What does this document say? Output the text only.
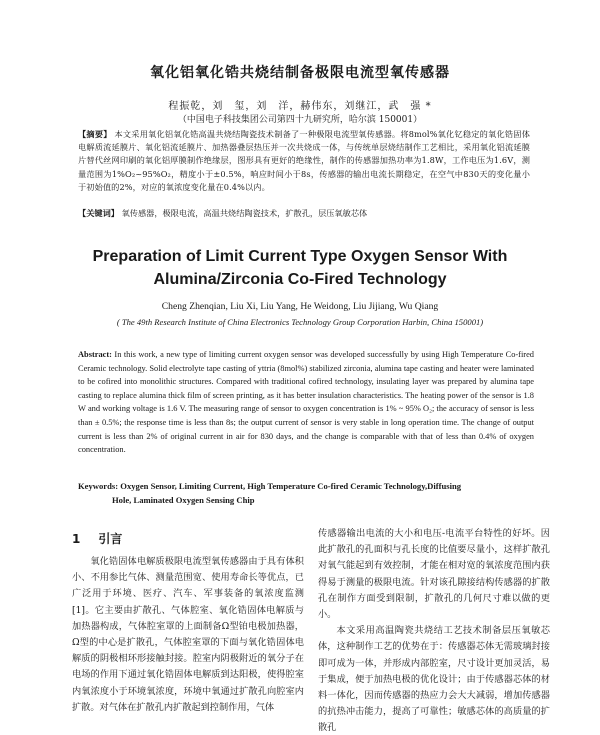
氧化铝氧化锆共烧结制备极限电流型氧传感器
程振乾，刘　玺，刘　洋，赫伟东，刘继江，武　强 *
（中国电子科技集团公司第四十九研究所，哈尔滨 150001）
【摘要】 本文采用氧化铝氧化锆高温共烧结陶瓷技术制备了一种极限电流型氧传感器。将8mol%氧化钇稳定的氧化锆固体电解质流延膜片、氧化铝流延膜片、加热器叠层热压并一次共烧成一体，与传统单层烧结制作工艺相比，采用氧化铝流延膜片替代丝网印刷的氧化铝厚膜制作绝缘层，图形具有更好的绝缘性，制作的传感器加热功率为1.8W，工作电压为1.6V，测量范围为1%O₂~95%O₂，精度小于±0.5%，响应时间小于8s，传感器的输出电流长期稳定，在空气中830天的变化量小于初始值的2%，对应的氧浓度变化量在0.4%以内。
【关键词】 氧传感器，极限电流，高温共烧结陶瓷技术，扩散孔，层压氧敏芯体
Preparation of Limit Current Type Oxygen Sensor With
Alumina/Zirconia Co-Fired Technology
Cheng Zhenqian, Liu Xi, Liu Yang, He Weidong, Liu Jijiang, Wu Qiang
( The 49th Research Institute of China Electronics Technology Group Corporation Harbin, China 150001)
Abstract: In this work, a new type of limiting current oxygen sensor was developed successfully by using High Temperature Co-fired Ceramic technology. Solid electrolyte tape casting of yttria (8mol%) stabilized zirconia, alumina tape casting and heater were laminated to be cofired into monolithic structures. Compared with traditional cofired technology, insulating layer was prepared by alumina tape casting to replace alumina thick film of screen printing, as it has better insulation characteristics. The heating power of the sensor is 1.8 W and working voltage is 1.6 V. The measuring range of sensor to oxygen concentration is 1% ~ 95% O₂; the accuracy of sensor is less than ± 0.5%; the response time is less than 8s; the output current of sensor is very stable in long operation time. The change of output current is less than 2% of original current in air for 830 days, and the change is comparable with that of less than 0.4% of oxygen concentration.
Keywords: Oxygen Sensor, Limiting Current, High Temperature Co-fired Ceramic Technology,Diffusing
Hole, Laminated Oxygen Sensing Chip
1 引言

氧化锆固体电解质极限电流型氧传感器由于具有体积小、不用参比气体、测量范围宽、使用寿命长等优点，已广泛用于环境、医疗、汽车、军事装备的氧浓度监测[1]。它主要由扩散孔、气体腔室、氧化锆固体电解质与加热器构成，气体腔室罩的上面制备Ω型铂电极加热器，Ω型的中心是扩散孔，气体腔室罩的下面与氧化锆固体电解质的阴极相环形接触封接。腔室内阴极附近的氧分子在电场的作用下通过氧化锆固体电解质到达阳极，使得腔室内氧浓度小于环境氧浓度，环境中氧通过扩散孔向腔室内扩散。对气体在扩散孔内扩散起到控制作用，气体

传感器输出电流的大小和电压-电流平台特性的好坏。因此扩散孔的孔面积与孔长度的比值要尽量小，这样扩散孔对氧气能起到有效控制，才能在相对宽的氧浓度范围内获得易于测量的极限电流。针对该孔隙接结构传感器的扩散孔在制作方面受到限制，扩散孔的几何尺寸难以做的更小。

本文采用高温陶瓷共烧结工艺技术制备层压氧敏芯体，这种制作工艺的优势在于：传感器芯体无需玻璃封接即可成为一体，并形成内部腔室，尺寸设计更加灵活，易于集成，便于加热电极的优化设计；由于传感器芯体的材料一体化，因而传感器的热应力会大大减弱，增加传感器的抗热冲击能力，提高了可靠性；敏感芯体的高质量的扩散孔
